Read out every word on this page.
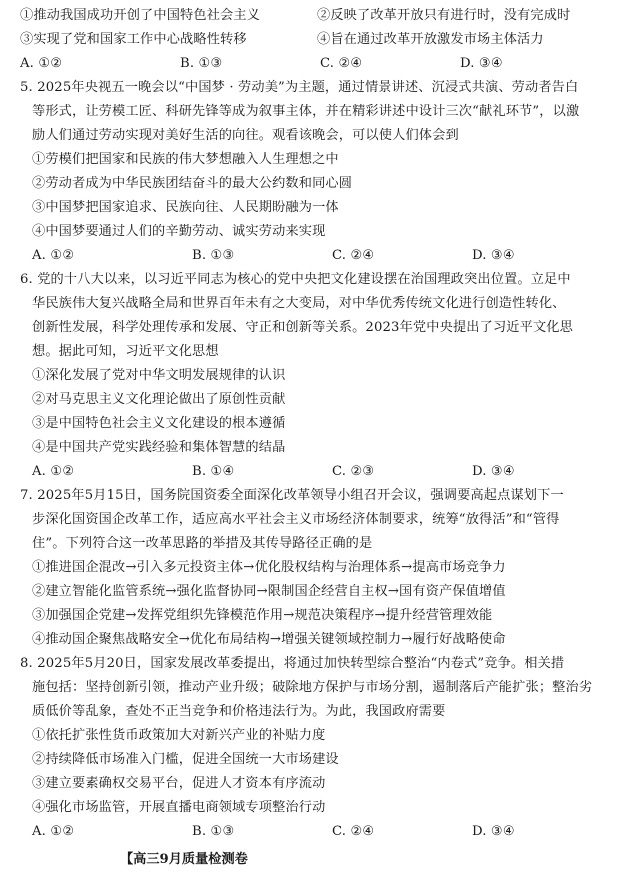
①推动我国成功开创了中国特色社会主义	②反映了改革开放只有进行时，没有完成时
③实现了党和国家工作中心战略性转移	④旨在通过改革开放激发市场主体活力
A. ①②	B. ①③	C. ②④	D. ③④
5. 2025年央视五一晚会以“中国梦 · 劳动美”为主题，通过情景讲述、沉浸式共演、劳动者告白
等形式，让劳模工匠、科研先锋等成为叙事主体，并在精彩讲述中设计三次“献礼环节”，以激
励人们通过劳动实现对美好生活的向往。观看该晚会，可以使人们体会到
①劳模们把国家和民族的伟大梦想融入人生理想之中
②劳动者成为中华民族团结奋斗的最大公约数和同心圆
③中国梦把国家追求、民族向往、人民期盼融为一体
④中国梦要通过人们的辛勤劳动、诚实劳动来实现
A. ①②	B. ①③	C. ②④	D. ③④
6. 党的十八大以来，以习近平同志为核心的党中央把文化建设摆在治国理政突出位置。立足中
华民族伟大复兴战略全局和世界百年未有之大变局，对中华优秀传统文化进行创造性转化、
创新性发展，科学处理传承和发展、守正和创新等关系。2023年党中央提出了习近平文化思
想。据此可知，习近平文化思想
①深化发展了党对中华文明发展规律的认识
②对马克思主义文化理论做出了原创性贡献
③是中国特色社会主义文化建设的根本遵循
④是中国共产党实践经验和集体智慧的结晶
A. ①②	B. ①④	C. ②③	D. ③④
7. 2025年5月15日，国务院国资委全面深化改革领导小组召开会议，强调要高起点谋划下一
步深化国资国企改革工作，适应高水平社会主义市场经济体制要求，统筹“放得活”和“管得
住”。下列符合这一改革思路的举措及其传导路径正确的是
①推进国企混改→引入多元投资主体→优化股权结构与治理体系→提高市场竞争力
②建立智能化监管系统→强化监督协同→限制国企经营自主权→国有资产保值增值
③加强国企党建→发挥党组织先锋模范作用→规范决策程序→提升经营管理效能
④推动国企聚焦战略安全→优化布局结构→增强关键领域控制力→履行好战略使命
8. 2025年5月20日，国家发展改革委提出，将通过加快转型综合整治“内卷式”竞争。相关措
施包括：坚持创新引领，推动产业升级；破除地方保护与市场分割，遏制落后产能扩张；整治劣
质低价等乱象，查处不正当竞争和价格违法行为。为此，我国政府需要
①依托扩张性货币政策加大对新兴产业的补贴力度
②持续降低市场准入门槛，促进全国统一大市场建设
③建立要素确权交易平台，促进人才资本有序流动
④强化市场监管，开展直播电商领域专项整治行动
A. ①②	B. ①③	C. ②④	D. ③④
【高三9月质量检测卷
